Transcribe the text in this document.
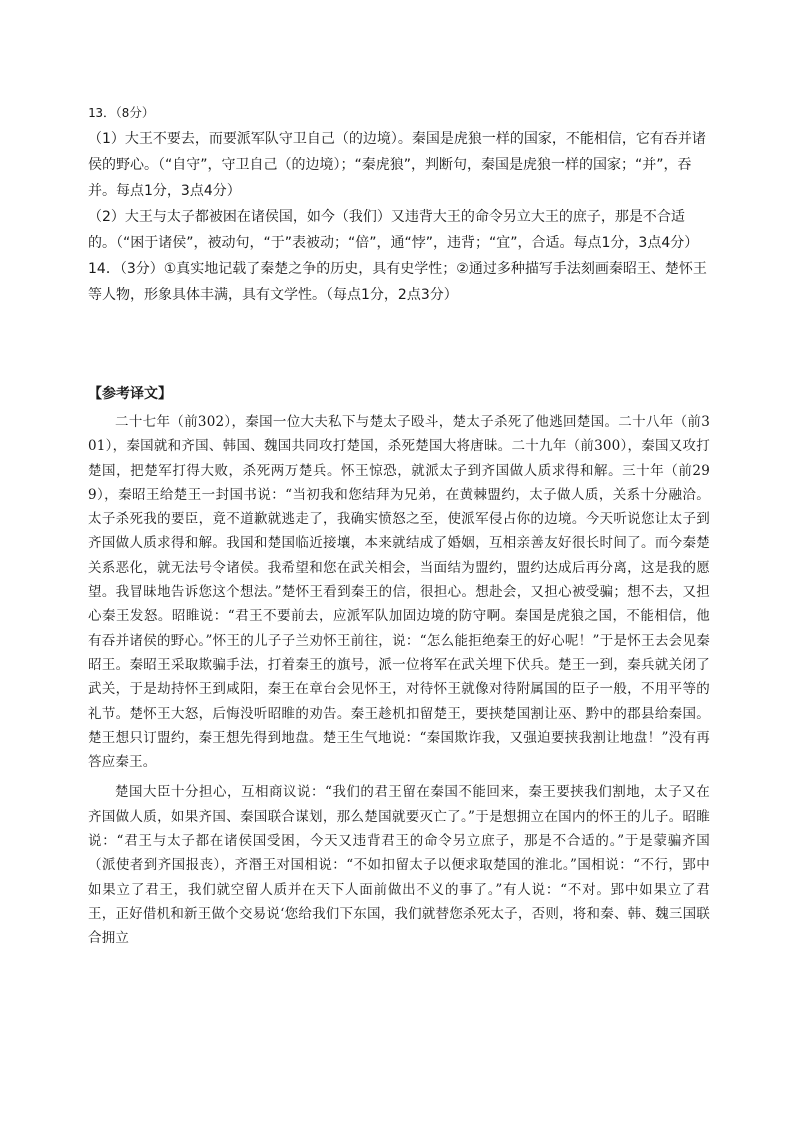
13．（8分）

（1）大王不要去，而要派军队守卫自己（的边境）。秦国是虎狼一样的国家，不能相信，它有吞并诸侯的野心。（“自守”，守卫自己（的边境）；“秦虎狼”，判断句，秦国是虎狼一样的国家；“并”，吞并。每点1分，3点4分）

（2）大王与太子都被困在诸侯国，如今（我们）又违背大王的命令另立大王的庶子，那是不合适的。（“困于诸侯”，被动句，“于”表被动；“倍”，通“悖”，违背；“宜”，合适。每点1分，3点4分）

14．（3分）①真实地记载了秦楚之争的历史，具有史学性；②通过多种描写手法刻画秦昭王、楚怀王等人物，形象具体丰满，具有文学性。（每点1分，2点3分）

【参考译文】

二十七年（前302），秦国一位大夫私下与楚太子殴斗，楚太子杀死了他逃回楚国。二十八年（前301），秦国就和齐国、韩国、魏国共同攻打楚国，杀死楚国大将唐昧。二十九年（前300），秦国又攻打楚国，把楚军打得大败，杀死两万楚兵。怀王惊恐，就派太子到齐国做人质求得和解。三十年（前299），秦昭王给楚王一封国书说：“当初我和您结拜为兄弟，在黄棘盟约，太子做人质，关系十分融洽。太子杀死我的要臣，竟不道歉就逃走了，我确实愤怒之至，使派军侵占你的边境。今天听说您让太子到齐国做人质求得和解。我国和楚国临近接壤，本来就结成了婚姻，互相亲善友好很长时间了。而今秦楚关系恶化，就无法号令诸侯。我希望和您在武关相会，当面结为盟约，盟约达成后再分离，这是我的愿望。我冒昧地告诉您这个想法。”楚怀王看到秦王的信，很担心。想赴会，又担心被受骗；想不去，又担心秦王发怒。昭睢说：“君王不要前去，应派军队加固边境的防守啊。秦国是虎狼之国，不能相信，他有吞并诸侯的野心。”怀王的儿子子兰劝怀王前往，说：“怎么能拒绝秦王的好心呢！”于是怀王去会见秦昭王。秦昭王采取欺骗手法，打着秦王的旗号，派一位将军在武关埋下伏兵。楚王一到，秦兵就关闭了武关，于是劫持怀王到咸阳，秦王在章台会见怀王，对待怀王就像对待附属国的臣子一般，不用平等的礼节。楚怀王大怒，后悔没听昭睢的劝告。秦王趁机扣留楚王，要挟楚国割让巫、黔中的郡县给秦国。楚王想只订盟约，秦王想先得到地盘。楚王生气地说：“秦国欺诈我，又强迫要挟我割让地盘！”没有再答应秦王。

楚国大臣十分担心，互相商议说：“我们的君王留在秦国不能回来，秦王要挟我们割地，太子又在齐国做人质，如果齐国、秦国联合谋划，那么楚国就要灭亡了。”于是想拥立在国内的怀王的儿子。昭睢说：“君王与太子都在诸侯国受困，今天又违背君王的命令另立庶子，那是不合适的。”于是蒙骗齐国（派使者到齐国报丧），齐湣王对国相说：“不如扣留太子以便求取楚国的淮北。”国相说：“不行，郢中如果立了君王，我们就空留人质并在天下人面前做出不义的事了。”有人说：“不对。郢中如果立了君王，正好借机和新王做个交易说‘您给我们下东国，我们就替您杀死太子，否则，将和秦、韩、魏三国联合拥立
